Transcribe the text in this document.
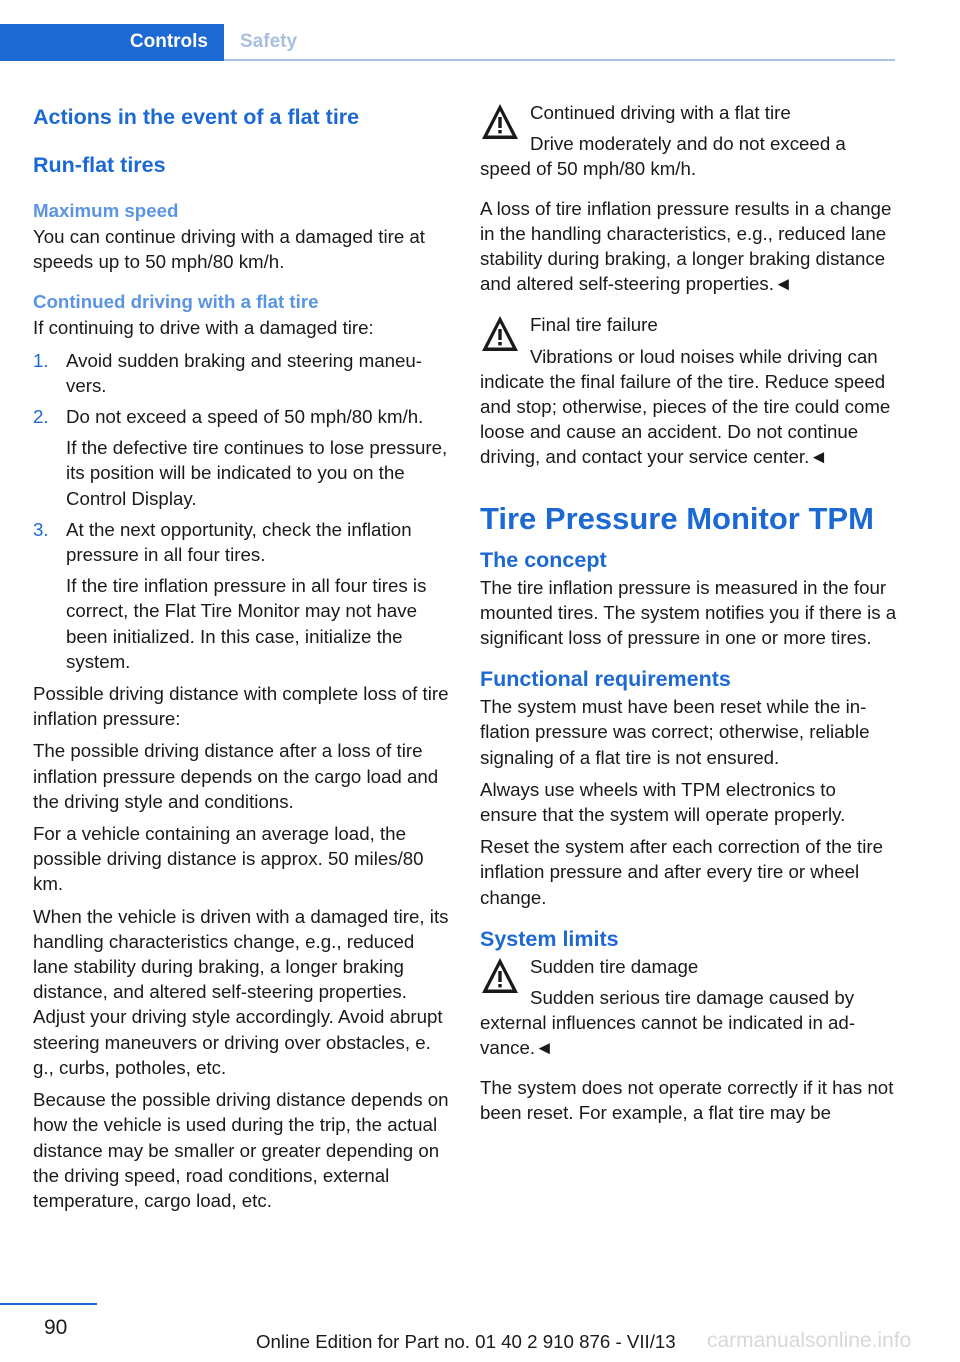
Controls Safety
Actions in the event of a flat tire
Run-flat tires
Maximum speed

You can continue driving with a damaged tire at speeds up to 50 mph/80 km/h.

Continued driving with a flat tire

If continuing to drive with a damaged tire:

1. Avoid sudden braking and steering maneuvers.

2. Do not exceed a speed of 50 mph/80 km/h.

If the defective tire continues to lose pressure, its position will be indicated to you on the Control Display.

3. At the next opportunity, check the inflation pressure in all four tires.

If the tire inflation pressure in all four tires is correct, the Flat Tire Monitor may not have been initialized. In this case, initialize the system.

Possible driving distance with complete loss of tire inflation pressure:

The possible driving distance after a loss of tire inflation pressure depends on the cargo load and the driving style and conditions.

For a vehicle containing an average load, the possible driving distance is approx. 50 miles/80 km.

When the vehicle is driven with a damaged tire, its handling characteristics change, e.g., reduced lane stability during braking, a longer braking distance, and altered self-steering properties. Adjust your driving style accordingly. Avoid abrupt steering maneuvers or driving over obstacles, e. g., curbs, potholes, etc.

Because the possible driving distance depends on how the vehicle is used during the trip, the actual distance may be smaller or greater depending on the driving speed, road conditions, external temperature, cargo load, etc.

Continued driving with a flat tire

Drive moderately and do not exceed a speed of 50 mph/80 km/h.

A loss of tire inflation pressure results in a change in the handling characteristics, e.g., reduced lane stability during braking, a longer braking distance and altered self-steering properties.◄

Final tire failure

Vibrations or loud noises while driving can indicate the final failure of the tire. Reduce speed and stop; otherwise, pieces of the tire could come loose and cause an accident. Do not continue driving, and contact your service center.◄

Tire Pressure Monitor TPM
The concept

The tire inflation pressure is measured in the four mounted tires. The system notifies you if there is a significant loss of pressure in one or more tires.

Functional requirements

The system must have been reset while the inflation pressure was correct; otherwise, reliable signaling of a flat tire is not ensured.

Always use wheels with TPM electronics to ensure that the system will operate properly.

Reset the system after each correction of the tire inflation pressure and after every tire or wheel change.

System limits

Sudden tire damage

Sudden serious tire damage caused by external influences cannot be indicated in advance.◄

The system does not operate correctly if it has not been reset. For example, a flat tire may be

90
Online Edition for Part no. 01 40 2 910 876 - VII/13 carmanualsonline.info
